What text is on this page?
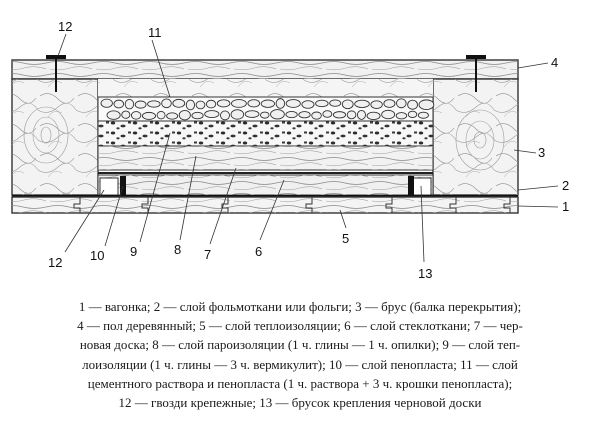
12	11
4
3
2
1
5
6
7
8
9
10
12
13
1 — вагонка; 2 — слой фольмоткани или фольги; 3 — брус (балка перекрытия);
4 — пол деревянный; 5 — слой теплоизоляции; 6 — слой стеклоткани; 7 — чер-
новая доска; 8 — слой пароизоляции (1 ч. глины — 1 ч. опилки); 9 — слой теп-
лоизоляции (1 ч. глины — 3 ч. вермикулит); 10 — слой пенопласта; 11 — слой
цементного раствора и пенопласта (1 ч. раствора + 3 ч. крошки пенопласта);
12 — гвозди крепежные; 13 — брусок крепления черновой доски
